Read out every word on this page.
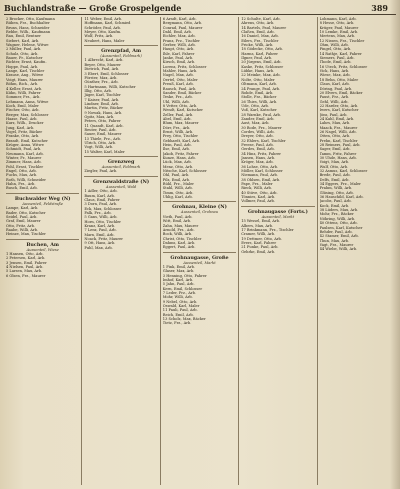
Buchlandstraße — Große Grospelgende	389
2 Brocker, Otto, Kaufmann
Rüben, Frz., Buchhalter
Bruns, Hans, Schneider
Rebbe, Wilh., Kaufmann
Rau, Emil, Rentner
Siebert, Karl, Arb.
Wagner, Helene, Witwe
2 Müller, Paul, Arb.
Schulz, Otto, Arb.
Bauer, Fr., Kutscher
Richter, Ernst, Kaufm.
Hoppe, Paul, Arb.
Lange, Karl, Tischler
Krause, Ang., Witwe
Voigt, Hans, Maurer
Böhm, Rich., Arb.
4 Keller, Ernst, Arb.
Kühn, Willi, Fahrer
Sommer, Frz., Arb.
Lehmann, Anna, Witwe
Koch, Emil, Maler
Fischer, Otto, Arb.
Berger, Max, Schlosser
Haase, Paul, Arb.
Kurz, Wilh., Drucker
Jung, Karl, Arb.
Vogel, Fritz, Bäcker
Franke, Otto, Arb.
Brandt, Emil, Kutscher
Krüger, Anna, Witwe
Schmidt, Paul, Arb.
Neumann, Karl, Arb.
Winter, Fr., Maurer
Zimmer, Hans, Arb.
Pohl, Ernst, Tischler
Engel, Otto, Arb.
Fuchs, Max, Arb.
Roth, Willi, Schneider
Hahn, Frz., Arb.
Busch, Emil, Arb.
Buchwalder Weg (N)
Aussenteil, Feldstraße
Lampe, Karl, Arb.
Bader, Otto, Kutscher
Seidel, Paul, Arb.
Graf, Emil, Maurer
Otto, Fritz, Arb.
Raabe, Willi, Arb.
Heinze, Max, Tischler
Buchen, Am
Aussenteil, Wiese
1 Hansen, Otto, Arb.
2 Petersen, Karl, Arb.
3 Jensen, Emil, Fahrer
4 Nielsen, Paul, Arb.
5 Larsen, Max, Arb.
6 Olsen, Frz., Maurer
11 Weber, Emil, Arb.
Hoffmann, Karl, Schmied
Schröder, Paul, Arb.
Meyer, Otto, Kaufm.
Wolf, Fritz, Arb.
Neubert, Hans, Maler
Grenzpfad, Am
(Aussenteil, Feldmark)
1 Albrecht, Karl, Arb.
Beyer, Otto, Maurer
Dietrich, Paul, Arb.
3 Ebert, Emil, Schlosser
Förster, Max, Arb.
Günther, Frz., Arb.
5 Hartmann, Willi, Kutscher
Illig, Otto, Arb.
Jäger, Karl, Tischler
7 Kaiser, Paul, Arb.
Lindner, Emil, Arb.
Martin, Fritz, Bäcker
9 Nowak, Hans, Arb.
Opitz, Max, Arb.
Peters, Otto, Fahrer
11 Quandt, Karl, Arb.
Reuter, Paul, Arb.
Sauer, Emil, Maurer
13 Thiele, Frz., Arb.
Ulrich, Otto, Arb.
Vogt, Willi, Arb.
15 Walter, Karl, Maler
Grenzweg
Aussenteil, Feldmark
Ziegler, Paul, Arb.
Grenzwaldstraße (N)
Aussenteil, Wald
1 Adler, Otto, Arb.
Baum, Karl, Arb.
Claus, Emil, Fahrer
3 Dorn, Paul, Arb.
Eck, Max, Schlosser
Falk, Frz., Arb.
5 Gans, Willi, Arb.
Horn, Otto, Tischler
Kranz, Karl, Arb.
7 Lenz, Paul, Arb.
Marx, Emil, Arb.
Noack, Fritz, Maurer
9 Ott, Hans, Arb.
Puhl, Max, Arb.
6 Arndt, Karl, Arb.
Bergmann, Otto, Arb.
Conrad, Paul, Maurer
Dahl, Emil, Arb.
Eichler, Max, Arb.
Franz, Frz., Tischler
Gerber, Willi, Arb.
Haupt, Otto, Arb.
Ihle, Karl, Fahrer
Janke, Paul, Arb.
Kirsch, Emil, Arb.
Lorenz, Fritz, Schlosser
Mahler, Hans, Arb.
Nagel, Max, Arb.
Oertel, Otto, Maler
Preuß, Karl, Arb.
Rausch, Paul, Arb.
Sander, Emil, Bäcker
Teske, Frz., Arb.
Uhl, Willi, Arb.
8 Vetter, Otto, Arb.
Wendt, Karl, Kutscher
Zeller, Paul, Arb.
Abel, Emil, Arb.
Blum, Max, Maurer
Dörr, Frz., Arb.
Ernst, Willi, Arb.
Frey, Otto, Tischler
Gebhardt, Karl, Arb.
Hein, Paul, Arb.
Ilse, Emil, Arb.
Jakob, Fritz, Fahrer
Kunze, Hans, Arb.
Lück, Max, Arb.
Menz, Otto, Arb.
Nitsche, Karl, Schlosser
Ohl, Paul, Arb.
Pilz, Emil, Arb.
Rühl, Frz., Maler
Stahl, Willi, Arb.
Timm, Otto, Arb.
Uhlig, Karl, Arb.
Grohnau, Kleine (N)
Aussenteil, Grohnau
Vieth, Paul, Arb.
Witt, Emil, Arb.
Zahn, Max, Maurer
Arnold, Frz., Arb.
Bock, Willi, Arb.
Christ, Otto, Tischler
Dahms, Karl, Arb.
Eggert, Paul, Arb.
Grohnaugasse, Große
Aussenteil, Markt
1 Fink, Emil, Arb.
Glaser, Max, Arb.
3 Henning, Otto, Fahrer
Imhof, Karl, Arb.
5 Jahn, Paul, Arb.
Kern, Emil, Schlosser
7 Leder, Frz., Arb.
Mohr, Willi, Arb.
9 Nebel, Otto, Arb.
Oswald, Karl, Maler
11 Pauli, Paul, Arb.
Reich, Emil, Arb.
13 Scholz, Max, Bäcker
Tietz, Frz., Arb.
12 Schulte, Karl, Arb.
Ahrens, Otto, Arb.
14 Bartels, Paul, Maurer
Claßen, Emil, Arb.
16 Daniel, Max, Arb.
Eilers, Frz., Tischler
Fricke, Willi, Arb.
18 Gödecke, Otto, Arb.
Harms, Karl, Fahrer
Ilgner, Paul, Arb.
20 Jürgens, Emil, Arb.
Kaske, Fritz, Schlosser
Lübke, Hans, Arb.
22 Meinke, Max, Arb.
Nolte, Otto, Maler
Oltmann, Karl, Arb.
24 Prange, Paul, Arb.
Rohde, Emil, Arb.
Stolle, Frz., Bäcker
26 Thies, Willi, Arb.
Ude, Otto, Arb.
Voß, Karl, Kutscher
28 Warnke, Paul, Arb.
Zander, Emil, Arb.
Aust, Max, Arb.
30 Bode, Frz., Maurer
Cordes, Willi, Arb.
Dreyer, Otto, Arb.
32 Ehlers, Karl, Tischler
Freese, Paul, Arb.
Gerdes, Emil, Arb.
34 Hinz, Fritz, Fahrer
Jansen, Hans, Arb.
Kröger, Max, Arb.
36 Lohse, Otto, Arb.
Möller, Karl, Schlosser
Niemann, Paul, Arb.
38 Ohlsen, Emil, Arb.
Pape, Frz., Maler
Rieck, Willi, Arb.
40 Stüve, Otto, Arb.
Tönnies, Karl, Arb.
Vollmer, Paul, Arb.
Grohnaugasse (Forts.)
Aussenteil, Markt
15 Wessel, Emil, Arb.
Albers, Max, Arb.
17 Brinkmann, Frz., Tischler
Cramer, Willi, Arb.
19 Dettmer, Otto, Arb.
Evers, Karl, Fahrer
21 Funke, Paul, Arb.
Gehrke, Emil, Arb.
Lohmann, Karl, Arb.
8 Hesse, Otto, Arb.
Krüger, Paul, Maurer
10 Lemke, Emil, Arb.
Mertens, Max, Arb.
12 Nissen, Frz., Tischler
Ohm, Willi, Arb.
Pingel, Otto, Arb.
14 Rathje, Karl, Fahrer
Siemers, Paul, Arb.
Thode, Emil, Arb.
16 Utech, Fritz, Schlosser
Vick, Hans, Arb.
Wiese, Max, Arb.
18 Behn, Otto, Maler
Claus, Karl, Arb.
Döring, Paul, Arb.
20 Elvers, Emil, Bäcker
Faust, Frz., Arb.
Gehl, Willi, Arb.
22 Harder, Otto, Arb.
Iwers, Karl, Kutscher
Jöns, Paul, Arb.
24 Kahl, Emil, Arb.
Lahrs, Max, Arb.
Maack, Frz., Maurer
26 Nagel, Willi, Arb.
Otten, Otto, Arb.
Prehn, Karl, Tischler
28 Reimers, Paul, Arb.
Sager, Emil, Arb.
Tamm, Fritz, Fahrer
30 Uhde, Hans, Arb.
Voigt, Max, Arb.
Wulf, Otto, Arb.
32 Asmus, Karl, Schlosser
Brede, Paul, Arb.
Delfs, Emil, Arb.
34 Eggers, Frz., Maler
Frahm, Willi, Arb.
Glüsing, Otto, Arb.
36 Hauschild, Karl, Arb.
Jacobs, Paul, Arb.
Kock, Emil, Arb.
38 Lüders, Max, Arb.
Mohr, Frz., Bäcker
Nöhring, Willi, Arb.
40 Ottens, Otto, Arb.
Paulsen, Karl, Kutscher
Rehder, Paul, Arb.
42 Stamer, Emil, Arb.
Thun, Max, Arb.
Vagt, Frz., Maurer
44 Wiebe, Willi, Arb.
